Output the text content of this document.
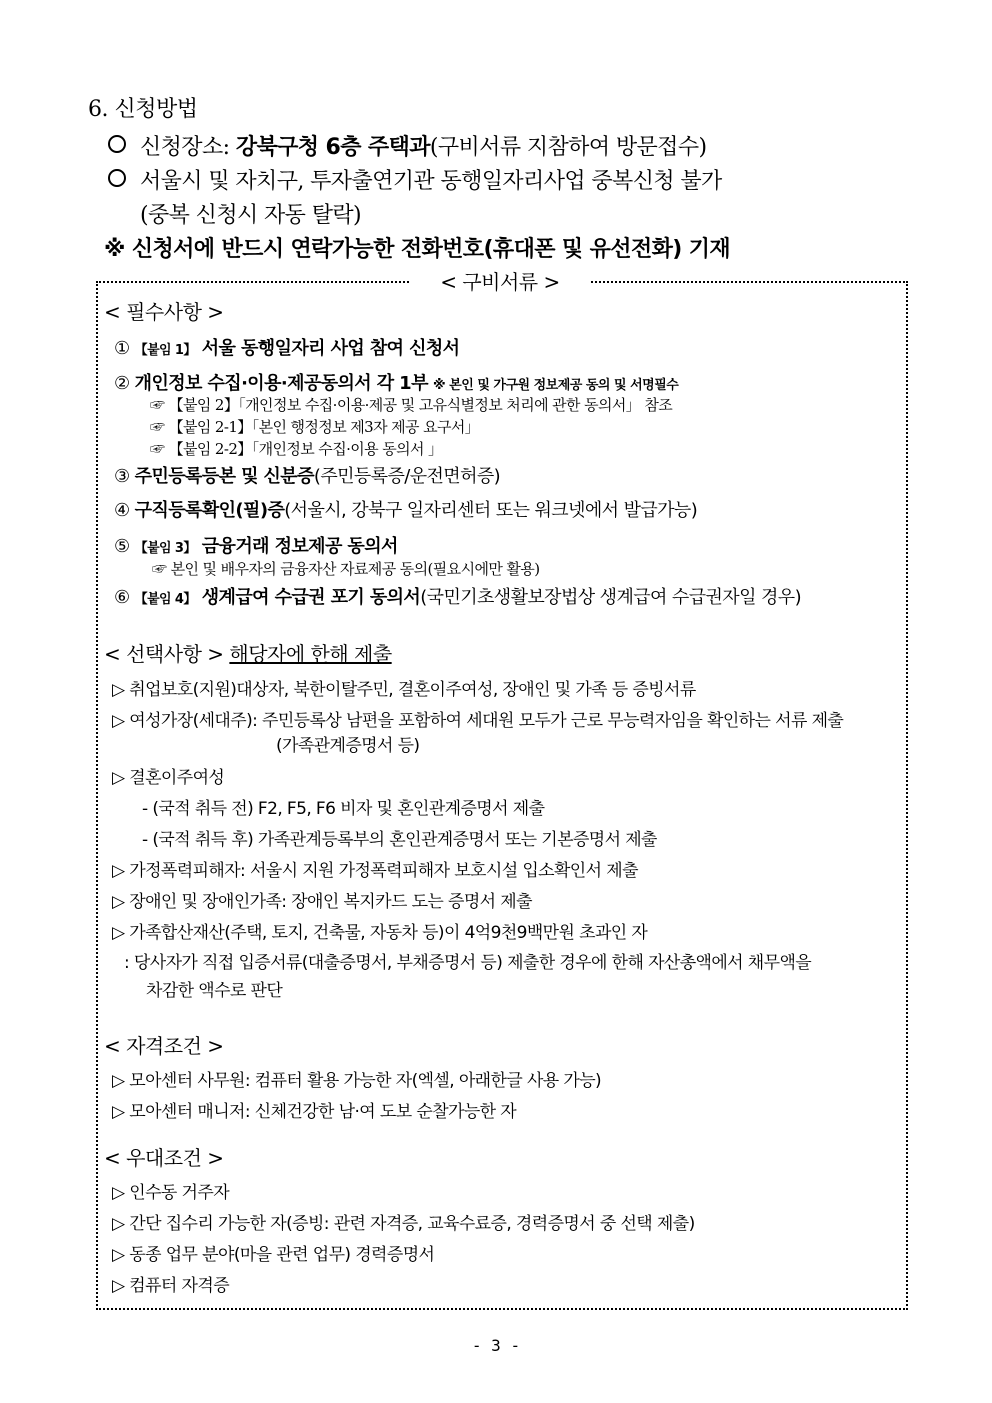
6. 신청방법
신청장소: 강북구청 6층 주택과(구비서류 지참하여 방문접수)
서울시 및 자치구, 투자출연기관 동행일자리사업 중복신청 불가
(중복 신청시 자동 탈락)
※ 신청서에 반드시 연락가능한 전화번호(휴대폰 및 유선전화) 기재
< 구비서류 >
< 필수사항 >
① 【붙임 1】 서울 동행일자리 사업 참여 신청서
② 개인정보 수집·이용·제공동의서 각 1부 ※ 본인 및 가구원 정보제공 동의 및 서명필수
☞ 【붙임 2】「개인정보 수집·이용·제공 및 고유식별정보 처리에 관한 동의서」 참조
☞ 【붙임 2-1】「본인 행정정보 제3자 제공 요구서」
☞ 【붙임 2-2】「개인정보 수집·이용 동의서 」
③ 주민등록등본 및 신분증(주민등록증/운전면허증)
④ 구직등록확인(필)증(서울시, 강북구 일자리센터 또는 워크넷에서 발급가능)
⑤ 【붙임 3】 금융거래 정보제공 동의서
☞ 본인 및 배우자의 금융자산 자료제공 동의(필요시에만 활용)
⑥ 【붙임 4】 생계급여 수급권 포기 동의서(국민기초생활보장법상 생계급여 수급권자일 경우)
< 선택사항 > 해당자에 한해 제출
▷ 취업보호(지원)대상자, 북한이탈주민, 결혼이주여성, 장애인 및 가족 등 증빙서류
▷ 여성가장(세대주): 주민등록상 남편을 포함하여 세대원 모두가 근로 무능력자임을 확인하는 서류 제출
(가족관계증명서 등)
▷ 결혼이주여성
- (국적 취득 전) F2, F5, F6 비자 및 혼인관계증명서 제출
- (국적 취득 후) 가족관계등록부의 혼인관계증명서 또는 기본증명서 제출
▷ 가정폭력피해자: 서울시 지원 가정폭력피해자 보호시설 입소확인서 제출
▷ 장애인 및 장애인가족: 장애인 복지카드 도는 증명서 제출
▷ 가족합산재산(주택, 토지, 건축물, 자동차 등)이 4억9천9백만원 초과인 자
: 당사자가 직접 입증서류(대출증명서, 부채증명서 등) 제출한 경우에 한해 자산총액에서 채무액을
차감한 액수로 판단
< 자격조건 >
▷ 모아센터 사무원: 컴퓨터 활용 가능한 자(엑셀, 아래한글 사용 가능)
▷ 모아센터 매니저: 신체건강한 남·여 도보 순찰가능한 자
< 우대조건 >
▷ 인수동 거주자
▷ 간단 집수리 가능한 자(증빙: 관련 자격증, 교육수료증, 경력증명서 중 선택 제출)
▷ 동종 업무 분야(마을 관련 업무) 경력증명서
▷ 컴퓨터 자격증
- 3 -
